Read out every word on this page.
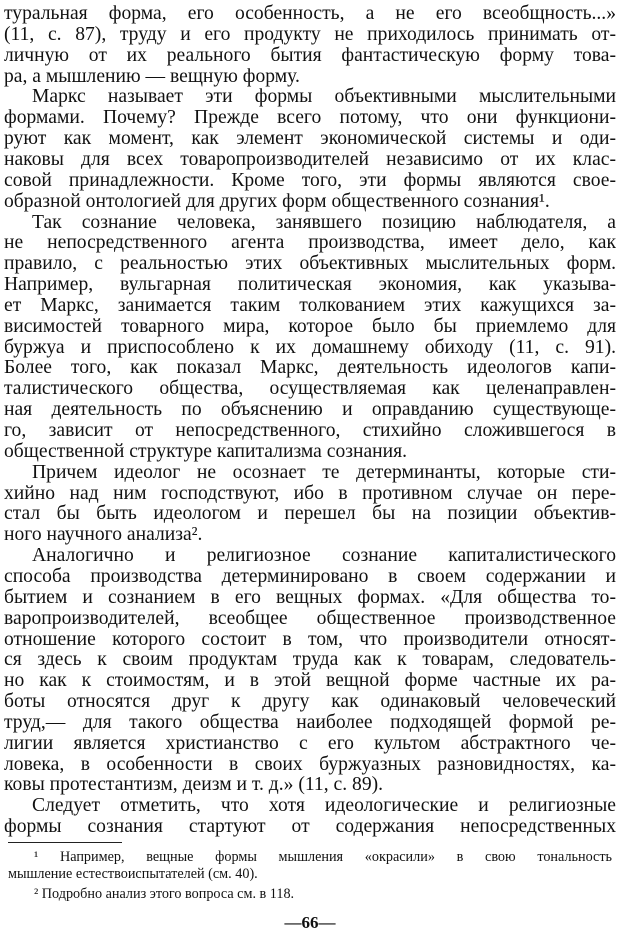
туральная форма, его особенность, а не его всеобщность...»
(11, с. 87), труду и его продукту не приходилось принимать от-
личную от их реального бытия фантастическую форму това-
ра, а мышлению — вещную форму.
Маркс называет эти формы объективными мыслительными
формами. Почему? Прежде всего потому, что они функциони-
руют как момент, как элемент экономической системы и оди-
наковы для всех товаропроизводителей независимо от их клас-
совой принадлежности. Кроме того, эти формы являются свое-
образной онтологией для других форм общественного сознания¹.
Так сознание человека, занявшего позицию наблюдателя, а
не непосредственного агента производства, имеет дело, как
правило, с реальностью этих объективных мыслительных форм.
Например, вульгарная политическая экономия, как указыва-
ет Маркс, занимается таким толкованием этих кажущихся за-
висимостей товарного мира, которое было бы приемлемо для
буржуа и приспособлено к их домашнему обиходу (11, с. 91).
Более того, как показал Маркс, деятельность идеологов капи-
талистического общества, осуществляемая как целенаправлен-
ная деятельность по объяснению и оправданию существующе-
го, зависит от непосредственного, стихийно сложившегося в
общественной структуре капитализма сознания.
Причем идеолог не осознает те детерминанты, которые сти-
хийно над ним господствуют, ибо в противном случае он пере-
стал бы быть идеологом и перешел бы на позиции объектив-
ного научного анализа².
Аналогично и религиозное сознание капиталистического
способа производства детерминировано в своем содержании и
бытием и сознанием в его вещных формах. «Для общества то-
варопроизводителей, всеобщее общественное производственное
отношение которого состоит в том, что производители относят-
ся здесь к своим продуктам труда как к товарам, следователь-
но как к стоимостям, и в этой вещной форме частные их ра-
боты относятся друг к другу как одинаковый человеческий
труд,— для такого общества наиболее подходящей формой ре-
лигии является христианство с его культом абстрактного че-
ловека, в особенности в своих буржуазных разновидностях, ка-
ковы протестантизм, деизм и т. д.» (11, с. 89).
Следует отметить, что хотя идеологические и религиозные
формы сознания стартуют от содержания непосредственных
¹ Например, вещные формы мышления «окрасили» в свою тональность
мышление естествоиспытателей (см. 40).
² Подробно анализ этого вопроса см. в 118.
—66—
